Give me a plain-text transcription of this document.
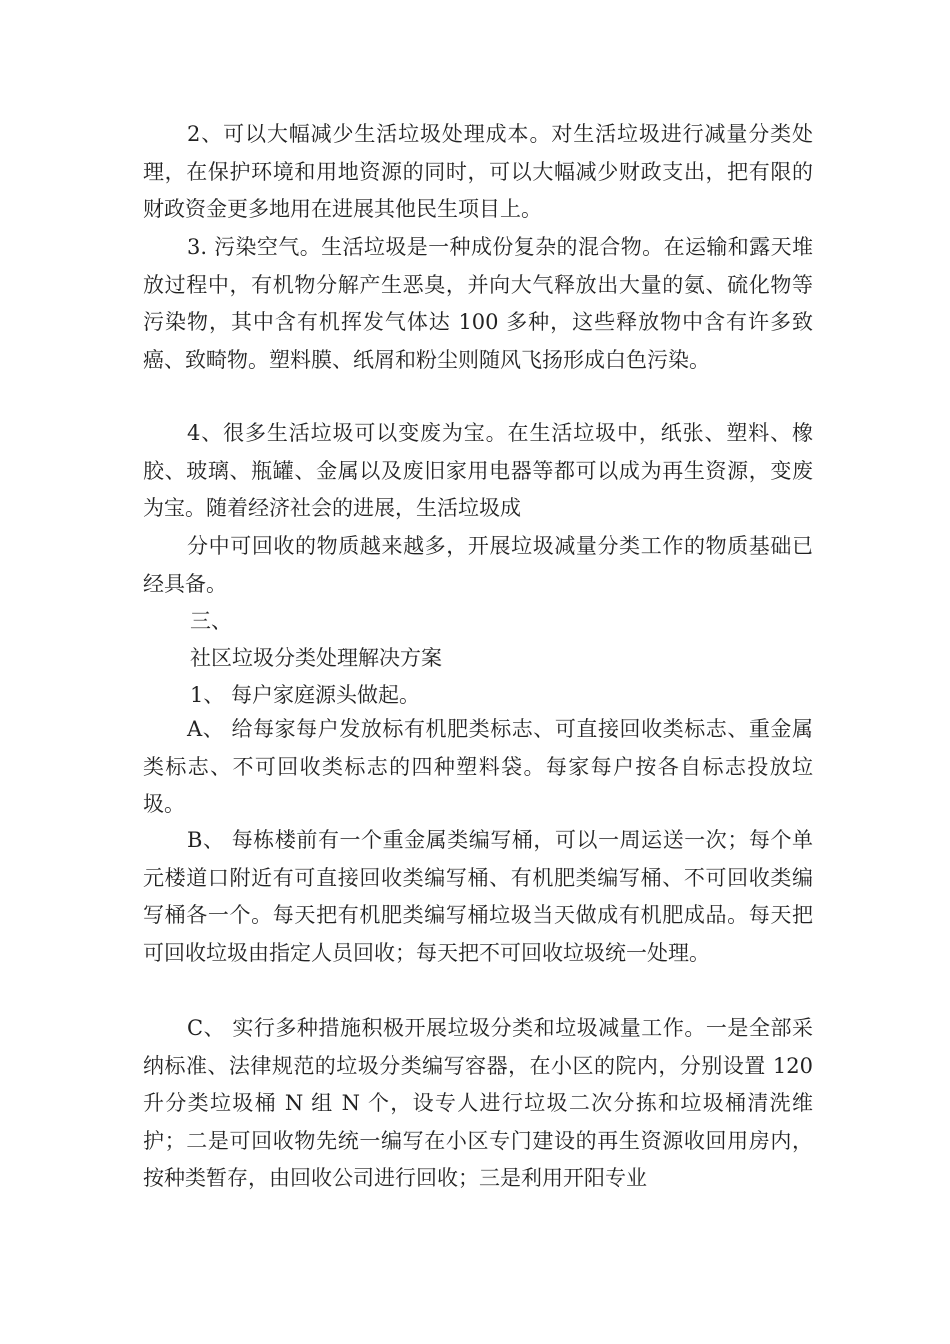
2、可以大幅减少生活垃圾处理成本。对生活垃圾进行减量分类处理，在保护环境和用地资源的同时，可以大幅减少财政支出，把有限的财政资金更多地用在进展其他民生项目上。

3. 污染空气。生活垃圾是一种成份复杂的混合物。在运输和露天堆放过程中，有机物分解产生恶臭，并向大气释放出大量的氨、硫化物等污染物，其中含有机挥发气体达 100 多种，这些释放物中含有许多致癌、致畸物。塑料膜、纸屑和粉尘则随风飞扬形成白色污染。

4、很多生活垃圾可以变废为宝。在生活垃圾中，纸张、塑料、橡胶、玻璃、瓶罐、金属以及废旧家用电器等都可以成为再生资源，变废为宝。随着经济社会的进展，生活垃圾成

分中可回收的物质越来越多，开展垃圾减量分类工作的物质基础已经具备。

三、

社区垃圾分类处理解决方案

1、 每户家庭源头做起。

A、 给每家每户发放标有机肥类标志、可直接回收类标志、重金属类标志、不可回收类标志的四种塑料袋。每家每户按各自标志投放垃圾。

B、 每栋楼前有一个重金属类编写桶，可以一周运送一次；每个单元楼道口附近有可直接回收类编写桶、有机肥类编写桶、不可回收类编写桶各一个。每天把有机肥类编写桶垃圾当天做成有机肥成品。每天把可回收垃圾由指定人员回收；每天把不可回收垃圾统一处理。

C、 实行多种措施积极开展垃圾分类和垃圾减量工作。一是全部采纳标准、法律规范的垃圾分类编写容器，在小区的院内，分别设置 120 升分类垃圾桶 N 组 N 个，设专人进行垃圾二次分拣和垃圾桶清洗维护；二是可回收物先统一编写在小区专门建设的再生资源收回用房内，按种类暂存，由回收公司进行回收；三是利用开阳专业
